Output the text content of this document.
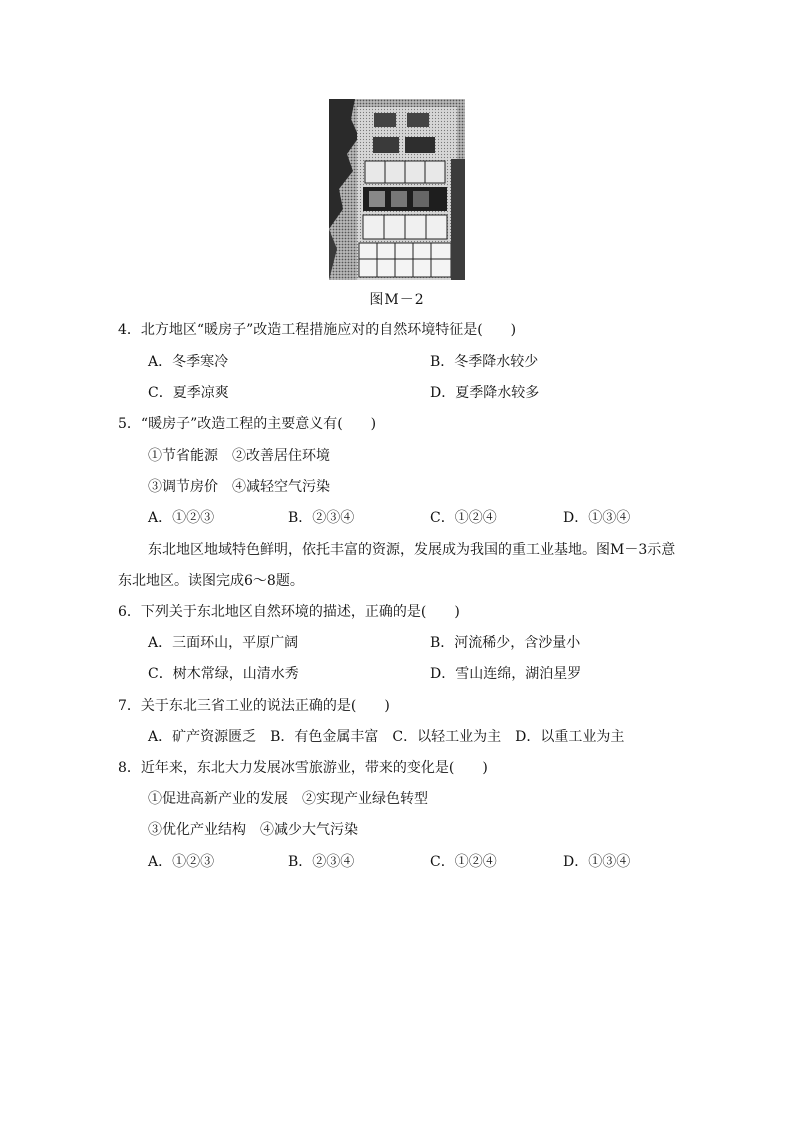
图M－2
4．北方地区“暖房子”改造工程措施应对的自然环境特征是(　　)
A．冬季寒冷	B．冬季降水较少
C．夏季凉爽	D．夏季降水较多
5．“暖房子”改造工程的主要意义有(　　)
①节省能源　②改善居住环境
③调节房价　④减轻空气污染
A．①②③	B．②③④	C．①②④	D．①③④
东北地区地域特色鲜明，依托丰富的资源，发展成为我国的重工业基地。图M－3示意
东北地区。读图完成6～8题。
6．下列关于东北地区自然环境的描述，正确的是(　　)
A．三面环山，平原广阔	B．河流稀少，含沙量小
C．树木常绿，山清水秀	D．雪山连绵，湖泊星罗
7．关于东北三省工业的说法正确的是(　　)
A．矿产资源匮乏　B．有色金属丰富　C．以轻工业为主　D．以重工业为主
8．近年来，东北大力发展冰雪旅游业，带来的变化是(　　)
①促进高新产业的发展　②实现产业绿色转型
③优化产业结构　④减少大气污染
A．①②③	B．②③④	C．①②④	D．①③④
